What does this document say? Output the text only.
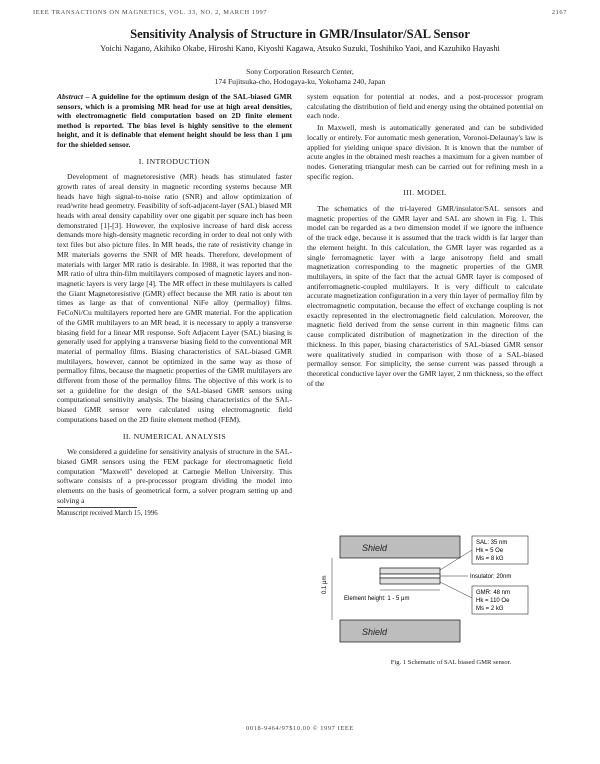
IEEE TRANSACTIONS ON MAGNETICS, VOL. 33, NO. 2, MARCH 1997	2167
Sensitivity Analysis of Structure in GMR/Insulator/SAL Sensor
Yoichi Nagano, Akihiko Okabe, Hiroshi Kano, Kiyoshi Kagawa, Atsuko Suzuki, Toshihiko Yaoi, and Kazuhiko Hayashi
Sony Corporation Research Center,
174 Fujitsuka-cho, Hodogaya-ku, Yokohama 240, Japan
Abstract – A guideline for the optimum design of the SAL-biased GMR sensors, which is a promising MR head for use at high areal densities, with electromagnetic field computation based on 2D finite element method is reported. The bias level is highly sensitive to the element height, and it is definable that element height should be less than 1 μm for the shielded sensor.
I. INTRODUCTION

Development of magnetoresistive (MR) heads has stimulated faster growth rates of areal density in magnetic recording systems because MR heads have high signal-to-noise ratio (SNR) and allow optimization of read/write head geometry. Feasibility of soft-adjacent-layer (SAL) biased MR heads with areal density capability over one gigabit per square inch has been demonstrated [1]-[3]. However, the explosive increase of hard disk access demands more high-density magnetic recording in order to deal not only with text files but also picture files. In MR heads, the rate of resistivity change in MR materials governs the SNR of MR heads. Therefore, development of materials with larger MR ratio is desirable. In 1988, it was reported that the MR ratio of ultra thin-film multilayers composed of magnetic layers and non-magnetic layers is very large [4]. The MR effect in these multilayers is called the Giant Magnetoresistive (GMR) effect because the MR ratio is about ten times as large as that of conventional NiFe alloy (permalloy) films. FeCoNi/Cu multilayers reported here are GMR material. For the application of the GMR multilayers to an MR head, it is necessary to apply a transverse biasing field for a linear MR response. Soft Adjacent Layer (SAL) biasing is generally used for applying a transverse biasing field to the conventional MR material of permalloy films. Biasing characteristics of SAL-biased GMR multilayers, however, cannot be optimized in the same way as those of permalloy films, because the magnetic properties of the GMR multilayers are different from those of the permalloy films. The objective of this work is to set a guideline for the design of the SAL-biased GMR sensors using computational sensitivity analysis. The biasing characteristics of the SAL-biased GMR sensor were calculated using electromagnetic field computations based on the 2D finite element method (FEM).

II. NUMERICAL ANALYSIS

We considered a guideline for sensitivity analysis of structure in the SAL-biased GMR sensors using the FEM package for electromagnetic field computation "Maxwell" developed at Carnegie Mellon University. This software consists of a pre-processor program dividing the model into elements on the basis of geometrical form, a solver program setting up and solving a

Manuscript received March 15, 1996

system equation for potential at nodes, and a post-processor program calculating the distribution of field and energy using the obtained potential on each node.

In Maxwell, mesh is automatically generated and can be subdivided locally or entirely. For automatic mesh generation, Voronoi-Delaunay's law is applied for yielding unique space division. It is known that the number of acute angles in the obtained mesh reaches a maximum for a given number of nodes. Generating triangular mesh can be carried out for refining mesh in a specific region.

III. MODEL

The schematics of the tri-layered GMR/insulator/SAL sensors and magnetic properties of the GMR layer and SAL are shown in Fig. 1. This model can be regarded as a two dimension model if we ignore the influence of the track edge, because it is assumed that the track width is far larger than the element height. In this calculation, the GMR layer was regarded as a single ferromagnetic layer with a large anisotropy field and small magnetization corresponding to the magnetic properties of the GMR multilayers, in spite of the fact that the actual GMR layer is composed of antiferromagnetic-coupled multilayers. It is very difficult to calculate accurate magnetization configuration in a very thin layer of permalloy film by electromagnetic computation, because the effect of exchange coupling is not exactly represented in the electromagnetic field calculation. Moreover, the magnetic field derived from the sense current in thin magnetic films can cause complicated distribution of magnetization in the direction of the thickness. In this paper, biasing characteristics of SAL-biased GMR sensor were qualitatively studied in comparison with those of a SAL-biased permalloy sensor. For simplicity, the sense current was passed through a theoretical conductive layer over the GMR layer, 2 nm thickness, so the effect of the

Shield
Shield
SAL: 35 nm
Hk = 5 Oe
Ms = 8 kG
Insulator: 20nm
GMR: 48 nm
Hk = 110 Oe
Ms = 2 kG
0.1 μm
Element height: 1 - 5 μm
Fig. 1 Schematic of SAL biased GMR sensor.
0018-9464/97$10.00 © 1997 IEEE
